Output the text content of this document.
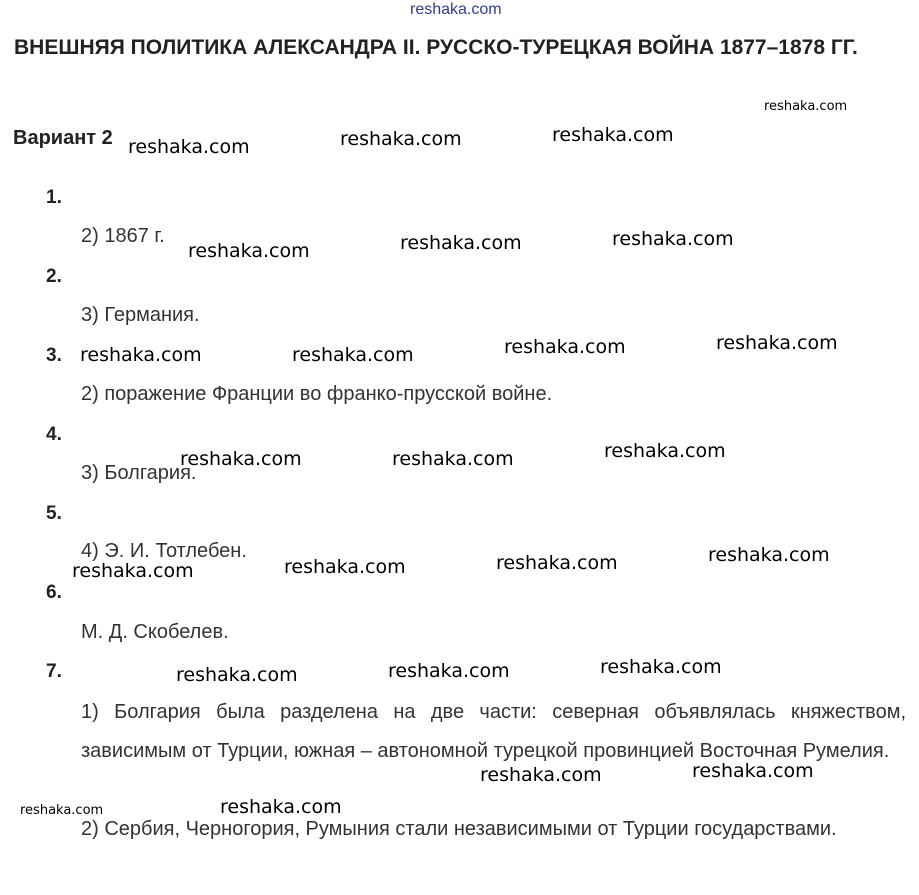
reshaka.com
ВНЕШНЯЯ ПОЛИТИКА АЛЕКСАНДРА II. РУССКО-ТУРЕЦКАЯ ВОЙНА 1877–1878 ГГ.
Вариант 2
1.
2) 1867 г.
2.
3) Германия.
3.
2) поражение Франции во франко-прусской войне.
4.
3) Болгария.
5.
4) Э. И. Тотлебен.
6.
М. Д. Скобелев.
7.
1) Болгария была разделена на две части: северная объявлялась княжеством, зависимым от Турции, южная – автономной турецкой провинцией Восточная Румелия.
2) Сербия, Черногория, Румыния стали независимыми от Турции государствами.
reshaka.com
reshaka.com	reshaka.com	reshaka.com
reshaka.com	reshaka.com	reshaka.com
reshaka.com	reshaka.com	reshaka.com	reshaka.com
reshaka.com	reshaka.com	reshaka.com
reshaka.com	reshaka.com	reshaka.com	reshaka.com
reshaka.com	reshaka.com	reshaka.com
reshaka.com	reshaka.com
reshaka.com	reshaka.com
